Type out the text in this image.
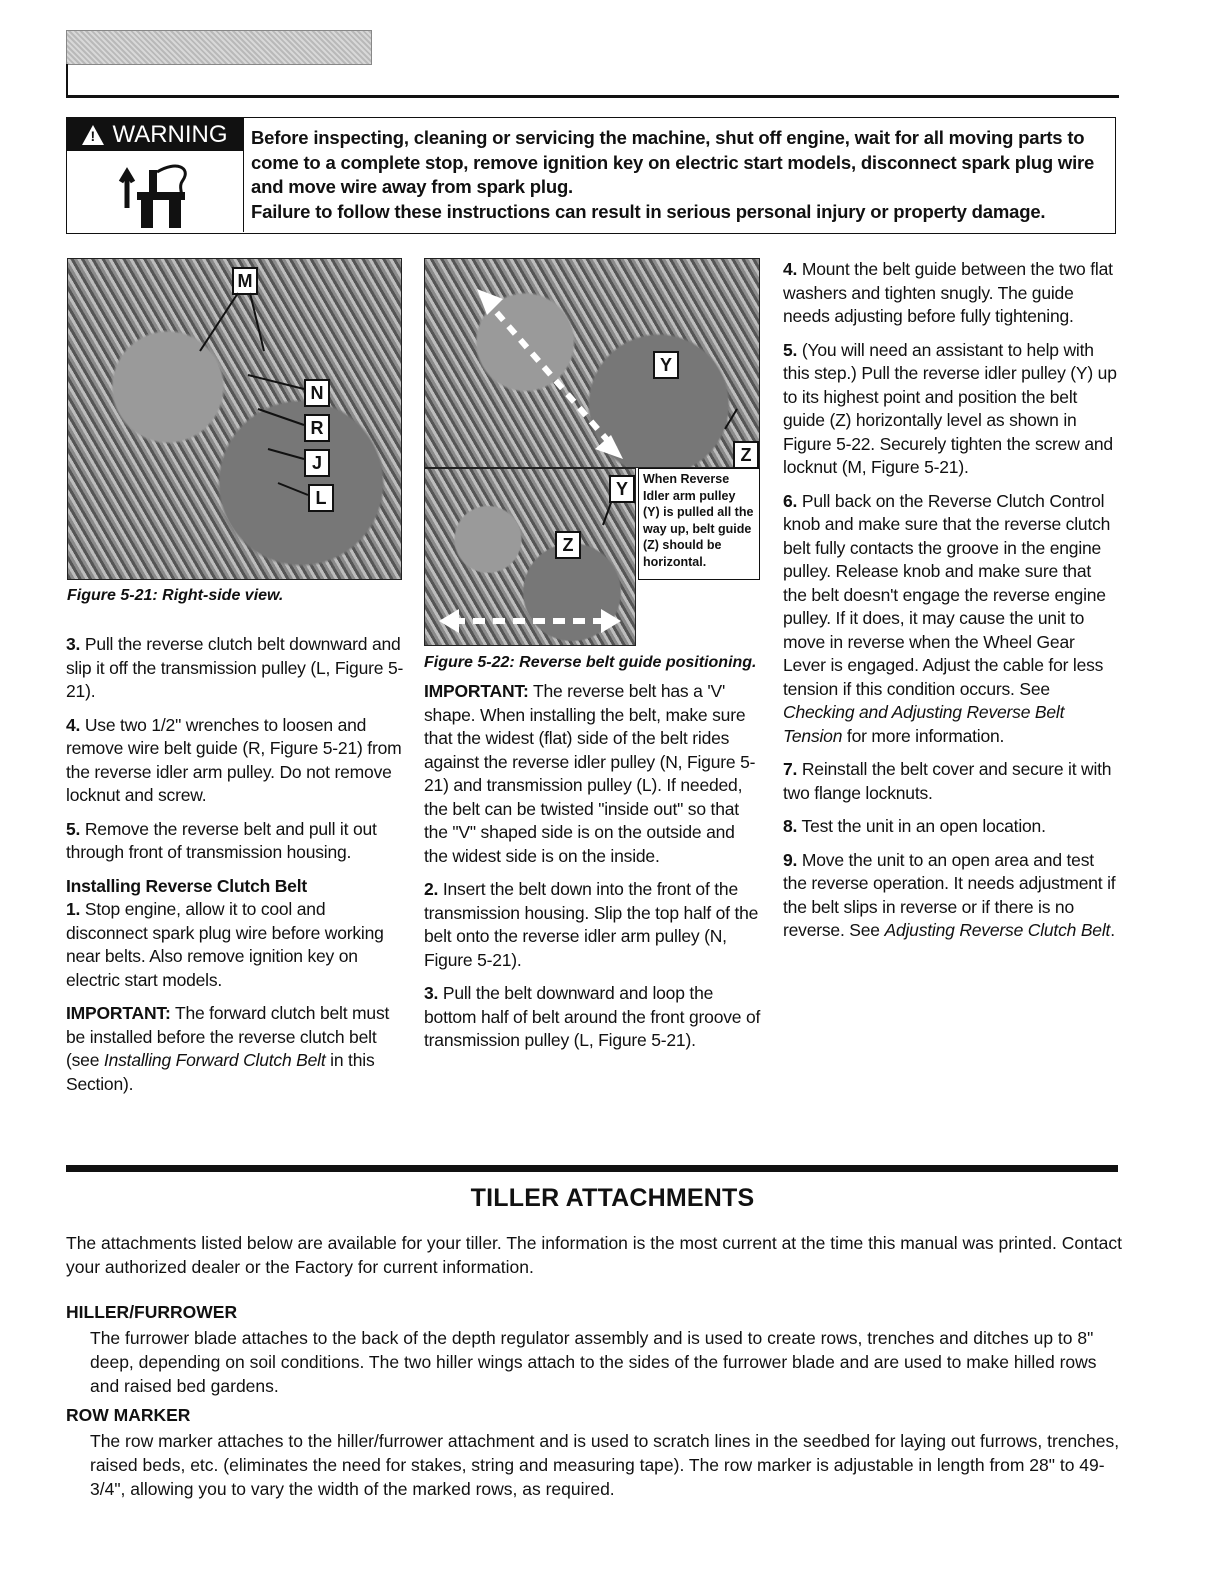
!
WARNING Before inspecting, cleaning or servicing the machine, shut off engine, wait for all moving parts to come to a complete stop, remove ignition key on electric start models, disconnect spark plug wire and move wire away from spark plug.

Failure to follow these instructions can result in serious personal injury or property damage.

M
N
R
J
L
Figure 5-21: Right-side view.
Y
Z
Y
Z
When Reverse Idler arm pulley (Y) is pulled all the way up, belt guide (Z) should be horizontal.
Figure 5-22: Reverse belt guide positioning.

3. Pull the reverse clutch belt downward and slip it off the transmission pulley (L, Figure 5-21).

4. Use two 1/2" wrenches to loosen and remove wire belt guide (R, Figure 5-21) from the reverse idler arm pulley. Do not remove locknut and screw.

5. Remove the reverse belt and pull it out through front of transmission housing.

Installing Reverse Clutch Belt

1. Stop engine, allow it to cool and disconnect spark plug wire before working near belts. Also remove ignition key on electric start models.

IMPORTANT: The forward clutch belt must be installed before the reverse clutch belt (see Installing Forward Clutch Belt in this Section).

IMPORTANT: The reverse belt has a 'V' shape. When installing the belt, make sure that the widest (flat) side of the belt rides against the reverse idler pulley (N, Figure 5-21) and transmission pulley (L). If needed, the belt can be twisted "inside out" so that the "V" shaped side is on the outside and the widest side is on the inside.

2. Insert the belt down into the front of the transmission housing. Slip the top half of the belt onto the reverse idler arm pulley (N, Figure 5-21).

3. Pull the belt downward and loop the bottom half of belt around the front groove of transmission pulley (L, Figure 5-21).

4. Mount the belt guide between the two flat washers and tighten snugly. The guide needs adjusting before fully tightening.

5. (You will need an assistant to help with this step.) Pull the reverse idler pulley (Y) up to its highest point and position the belt guide (Z) horizontally level as shown in Figure 5-22. Securely tighten the screw and locknut (M, Figure 5-21).

6. Pull back on the Reverse Clutch Control knob and make sure that the reverse clutch belt fully contacts the groove in the engine pulley. Release knob and make sure that the belt doesn't engage the reverse engine pulley. If it does, it may cause the unit to move in reverse when the Wheel Gear Lever is engaged. Adjust the cable for less tension if this condition occurs. See Checking and Adjusting Reverse Belt Tension for more information.

7. Reinstall the belt cover and secure it with two flange locknuts.

8. Test the unit in an open location.

9. Move the unit to an open area and test the reverse operation. It needs adjustment if the belt slips in reverse or if there is no reverse. See Adjusting Reverse Clutch Belt.

TILLER ATTACHMENTS
The attachments listed below are available for your tiller. The information is the most current at the time this manual was printed. Contact your authorized dealer or the Factory for current information.
HILLER/FURROWER
The furrower blade attaches to the back of the depth regulator assembly and is used to create rows, trenches and ditches up to 8" deep, depending on soil conditions. The two hiller wings attach to the sides of the furrower blade and are used to make hilled rows and raised bed gardens.
ROW MARKER
The row marker attaches to the hiller/furrower attachment and is used to scratch lines in the seedbed for laying out furrows, trenches, raised beds, etc. (eliminates the need for stakes, string and measuring tape). The row marker is adjustable in length from 28" to 49-3/4", allowing you to vary the width of the marked rows, as required.
